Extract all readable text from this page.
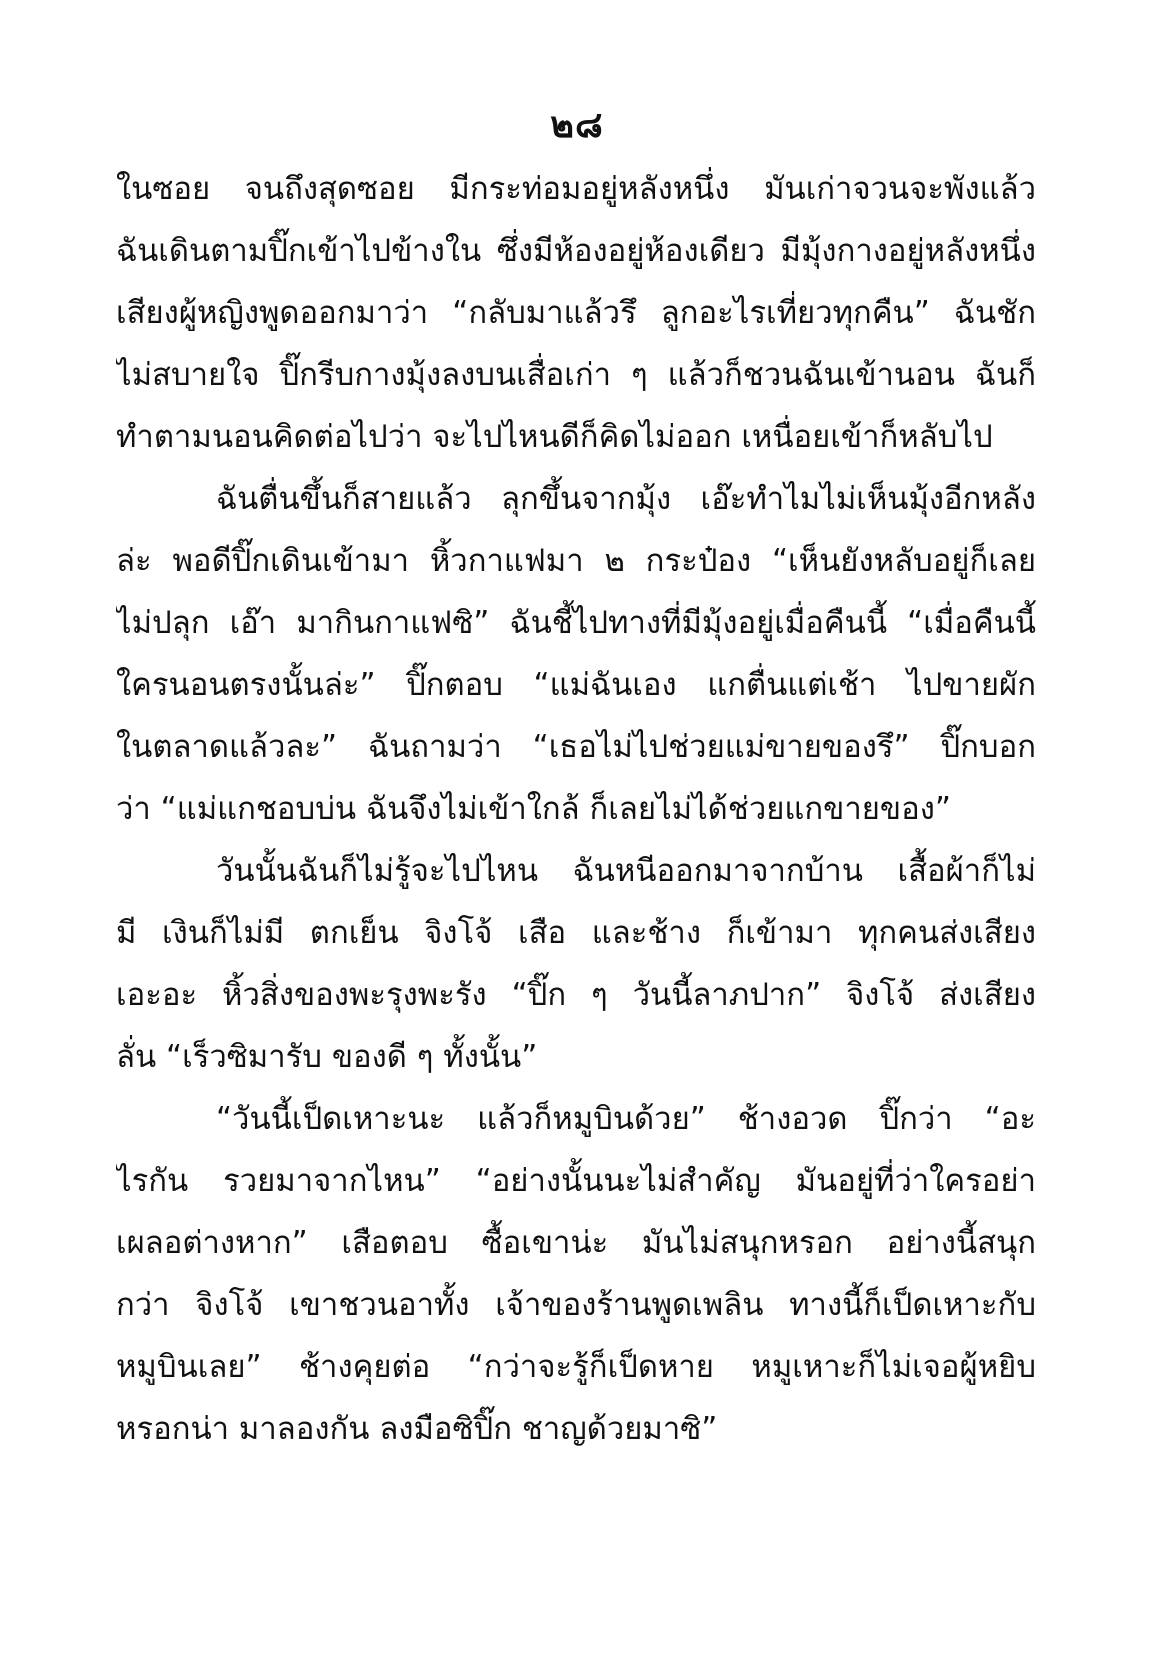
๒๘
ในซอย จนถึงสุดซอย มีกระท่อมอยู่หลังหนึ่ง มันเก่าจวนจะพังแล้ว
ฉันเดินตามปิ๊กเข้าไปข้างใน ซึ่งมีห้องอยู่ห้องเดียว มีมุ้งกางอยู่หลังหนึ่ง
เสียงผู้หญิงพูดออกมาว่า “กลับมาแล้วรึ ลูกอะไรเที่ยวทุกคืน” ฉันชัก
ไม่สบายใจ ปิ๊กรีบกางมุ้งลงบนเสื่อเก่า ๆ แล้วก็ชวนฉันเข้านอน ฉันก็
ทำตามนอนคิดต่อไปว่า จะไปไหนดีก็คิดไม่ออก เหนื่อยเข้าก็หลับไป
ฉันตื่นขึ้นก็สายแล้ว ลุกขึ้นจากมุ้ง เอ๊ะทำไมไม่เห็นมุ้งอีกหลัง
ล่ะ พอดีปิ๊กเดินเข้ามา หิ้วกาแฟมา ๒ กระป๋อง “เห็นยังหลับอยู่ก็เลย
ไม่ปลุก เอ๊า มากินกาแฟซิ” ฉันชี้ไปทางที่มีมุ้งอยู่เมื่อคืนนี้ “เมื่อคืนนี้
ใครนอนตรงนั้นล่ะ” ปิ๊กตอบ “แม่ฉันเอง แกตื่นแต่เช้า ไปขายผัก
ในตลาดแล้วละ” ฉันถามว่า “เธอไม่ไปช่วยแม่ขายของรึ” ปิ๊กบอก
ว่า “แม่แกชอบบ่น ฉันจึงไม่เข้าใกล้ ก็เลยไม่ได้ช่วยแกขายของ”
วันนั้นฉันก็ไม่รู้จะไปไหน ฉันหนีออกมาจากบ้าน เสื้อผ้าก็ไม่
มี เงินก็ไม่มี ตกเย็น จิงโจ้ เสือ และช้าง ก็เข้ามา ทุกคนส่งเสียง
เอะอะ หิ้วสิ่งของพะรุงพะรัง “ปิ๊ก ๆ วันนี้ลาภปาก” จิงโจ้ ส่งเสียง
ลั่น “เร็วซิมารับ ของดี ๆ ทั้งนั้น”
“วันนี้เป็ดเหาะนะ แล้วก็หมูบินด้วย” ช้างอวด ปิ๊กว่า “อะ
ไรกัน รวยมาจากไหน” “อย่างนั้นนะไม่สำคัญ มันอยู่ที่ว่าใครอย่า
เผลอต่างหาก” เสือตอบ ซื้อเขาน่ะ มันไม่สนุกหรอก อย่างนี้สนุก
กว่า จิงโจ้ เขาชวนอาทั้ง เจ้าของร้านพูดเพลิน ทางนี้ก็เป็ดเหาะกับ
หมูบินเลย” ช้างคุยต่อ “กว่าจะรู้ก็เป็ดหาย หมูเหาะก็ไม่เจอผู้หยิบ
หรอกน่า มาลองกัน ลงมือซิปิ๊ก ชาญด้วยมาซิ”
